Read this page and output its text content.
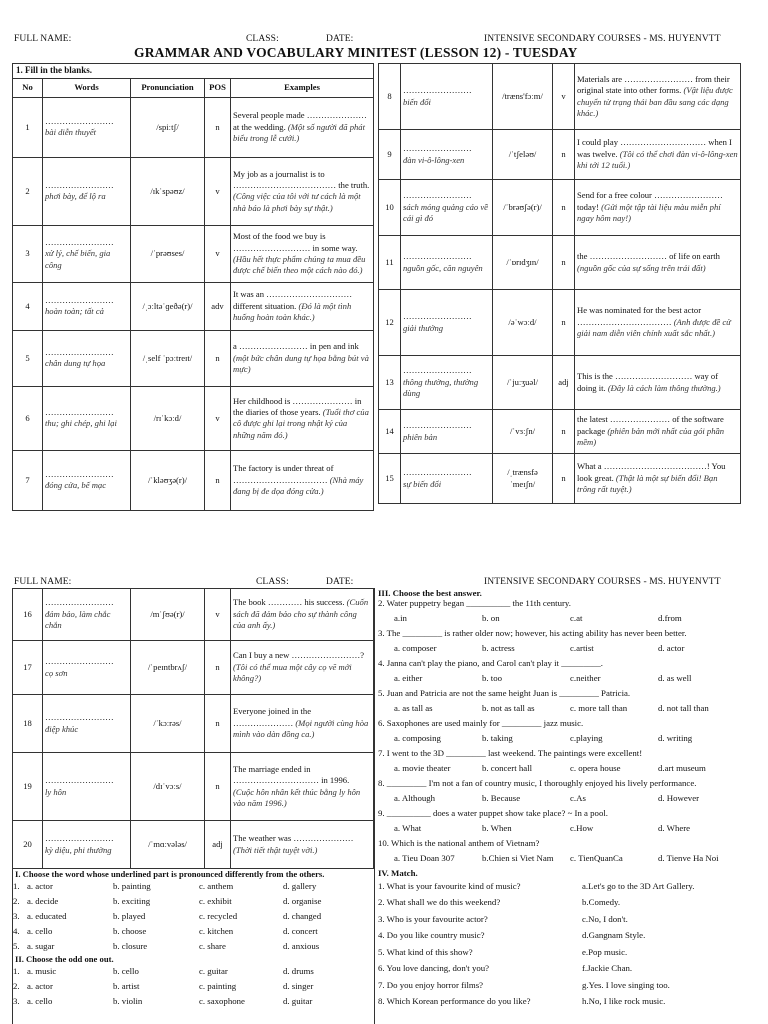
FULL NAME:	CLASS:	DATE:	INTENSIVE SECONDARY COURSES - MS. HUYENVTT
GRAMMAR AND VOCABULARY MINITEST (LESSON 12) - TUESDAY
1. Fill in the blanks.				
No	Words	Pronunciation	POS	Examples
1	……………………
bài diễn thuyết	/spiːtʃ/	n	Several people made ………………… at the wedding. (Một số người đã phát biểu trong lễ cưới.)
2	……………………
phơi bày, để lộ ra	/ɪkˈspəʊz/	v	My job as a journalist is to ……………………………… the truth. (Công việc của tôi với tư cách là một nhà báo là phơi bày sự thật.)
3	……………………
xử lý, chế biến, gia công	/ˈprəʊses/	v	Most of the food we buy is ……………………… in some way. (Hầu hết thực phẩm chúng ta mua đều được chế biến theo một cách nào đó.)
4	……………………
hoàn toàn; tất cả	/ˌɔːltəˈɡeðə(r)/	adv	It was an ………………………… different situation. (Đó là một tình huống hoàn toàn khác.)
5	……………………
chân dung tự họa	/ˌself ˈpɔːtreɪt/	n	a …………………… in pen and ink (một bức chân dung tự họa bằng bút và mực)
6	……………………
thu; ghi chép, ghi lại	/rɪˈkɔːd/	v	Her childhood is ………………… in the diaries of those years. (Tuổi thơ của cô được ghi lại trong nhật ký của những năm đó.)
7	……………………
đóng cửa, bế mạc	/ˈkləʊʒə(r)/	n	The factory is under threat of …………………………… (Nhà máy đang bị đe dọa đóng cửa.)
8	……………………
biến đổi	/træns'fɔːm/	v	Materials are …………………… from their original state into other forms. (Vật liệu được chuyển từ trạng thái ban đầu sang các dạng khác.)
9	……………………
đàn vi-ô-lông-xen	/ˈtʃeləʊ/	n	I could play ………………………… when I was twelve. (Tôi có thể chơi đàn vi-ô-lông-xen khi tới 12 tuổi.)
10	……………………
sách mỏng quảng cáo về cái gì đó	/ˈbrəʊʃə(r)/	n	Send for a free colour …………………… today! (Gửi một tập tài liệu màu miễn phí ngay hôm nay!)
11	……………………
nguồn gốc, căn nguyên	/ˈɒrɪdʒɪn/	n	the ……………………… of life on earth (nguồn gốc của sự sống trên trái đất)
12	……………………
giải thưởng	/əˈwɔːd/	n	He was nominated for the best actor …………………………… (Anh được đề cử giải nam diễn viên chính xuất sắc nhất.)
13	……………………
thông thường, thường dùng	/ˈjuːʒuəl/	adj	This is the ……………………… way of doing it. (Đây là cách làm thông thường.)
14	……………………
phiên bản	/ˈvɜːʃn/	n	the latest ………………… of the software package (phiên bản mới nhất của gói phần mềm)
15	……………………
sự biến đổi	/ˌtrænsfəˈmeɪʃn/	n	What a ………………………………! You look great. (Thật là một sự biến đổi! Bạn trông rất tuyệt.)
FULL NAME:	CLASS:	DATE:	INTENSIVE SECONDARY COURSES - MS. HUYENVTT
16	……………………
đảm bảo, làm chắc chắn	/mˈʃʊə(r)/	v	The book ………… his success. (Cuốn sách đã đảm bảo cho sự thành công của anh ấy.)
17	……………………
cọ sơn	/ˈpeɪntbrʌʃ/	n	Can I buy a new ……………………? (Tôi có thể mua một cây cọ vẽ mới không?)
18	……………………
điệp khúc	/ˈkɔːrəs/	n	Everyone joined in the ………………… (Mọi người cùng hòa mình vào dàn đồng ca.)
19	……………………
ly hôn	/dɪˈvɔːs/	n	The marriage ended in ………………………… in 1996. (Cuộc hôn nhân kết thúc bằng ly hôn vào năm 1996.)
20	……………………
kỳ diệu, phi thường	/ˈmɑːvələs/	adj	The weather was ………………… (Thời tiết thật tuyệt vời.)
I. Choose the word whose underlined part is pronounced differently from the others.
1. a. actor	b. painting	c. anthem	d. gallery
2. a. decide	b. exciting	c. exhibit	d. organise
3. a. educated	b. played	c. recycled	d. changed
4. a. cello	b. choose	c. kitchen	d. concert
5. a. sugar	b. closure	c. share	d. anxious
II. Choose the odd one out.
1. a. music	b. cello	c. guitar	d. drums
2. a. actor	b. artist	c. painting	d. singer
3. a. cello	b. violin	c. saxophone	d. guitar
III. Choose the best answer.
2. Water puppetry began __________ the 11th century.
a.in	b. on	c.at	d.from
3. The _________ is rather older now; however, his acting ability has never been better.
a. composer	b. actress	c.artist	d. actor
4. Janna can't play the piano, and Carol can't play it _________.
a. either	b. too	c.neither	d. as well
5. Juan and Patricia are not the same height Juan is _________ Patricia.
a. as tall as	b. not as tall as	c. more tall than	d. not tall than
6. Saxophones are used mainly for _________ jazz music.
a. composing	b. taking	c.playing	d. writing
7. I went to the 3D _________ last weekend. The paintings were excellent!
a. movie theater	b. concert hall	c. opera house	d.art museum
8. _________ I'm not a fan of country music, I thoroughly enjoyed his lively performance.
a. Although	b. Because	c.As	d. However
9. __________ does a water puppet show take place? ~ In a pool.
a. What	b. When	c.How	d. Where
10. Which is the national anthem of Vietnam?
a. Tieu Doan 307	b.Chien si Viet Nam	c. TienQuanCa	d. Tienve Ha Noi
IV. Match.
1. What is your favourite kind of music?	a.Let's go to the 3D Art Gallery.
2. What shall we do this weekend?	b.Comedy.
3. Who is your favourite actor?	c.No, I don't.
4. Do you like country music?	d.Gangnam Style.
5. What kind of this show?	e.Pop music.
6. You love dancing, don't you?	f.Jackie Chan.
7. Do you enjoy horror films?	g.Yes. I love singing too.
8. Which Korean performance do you like?	h.No, I like rock music.
